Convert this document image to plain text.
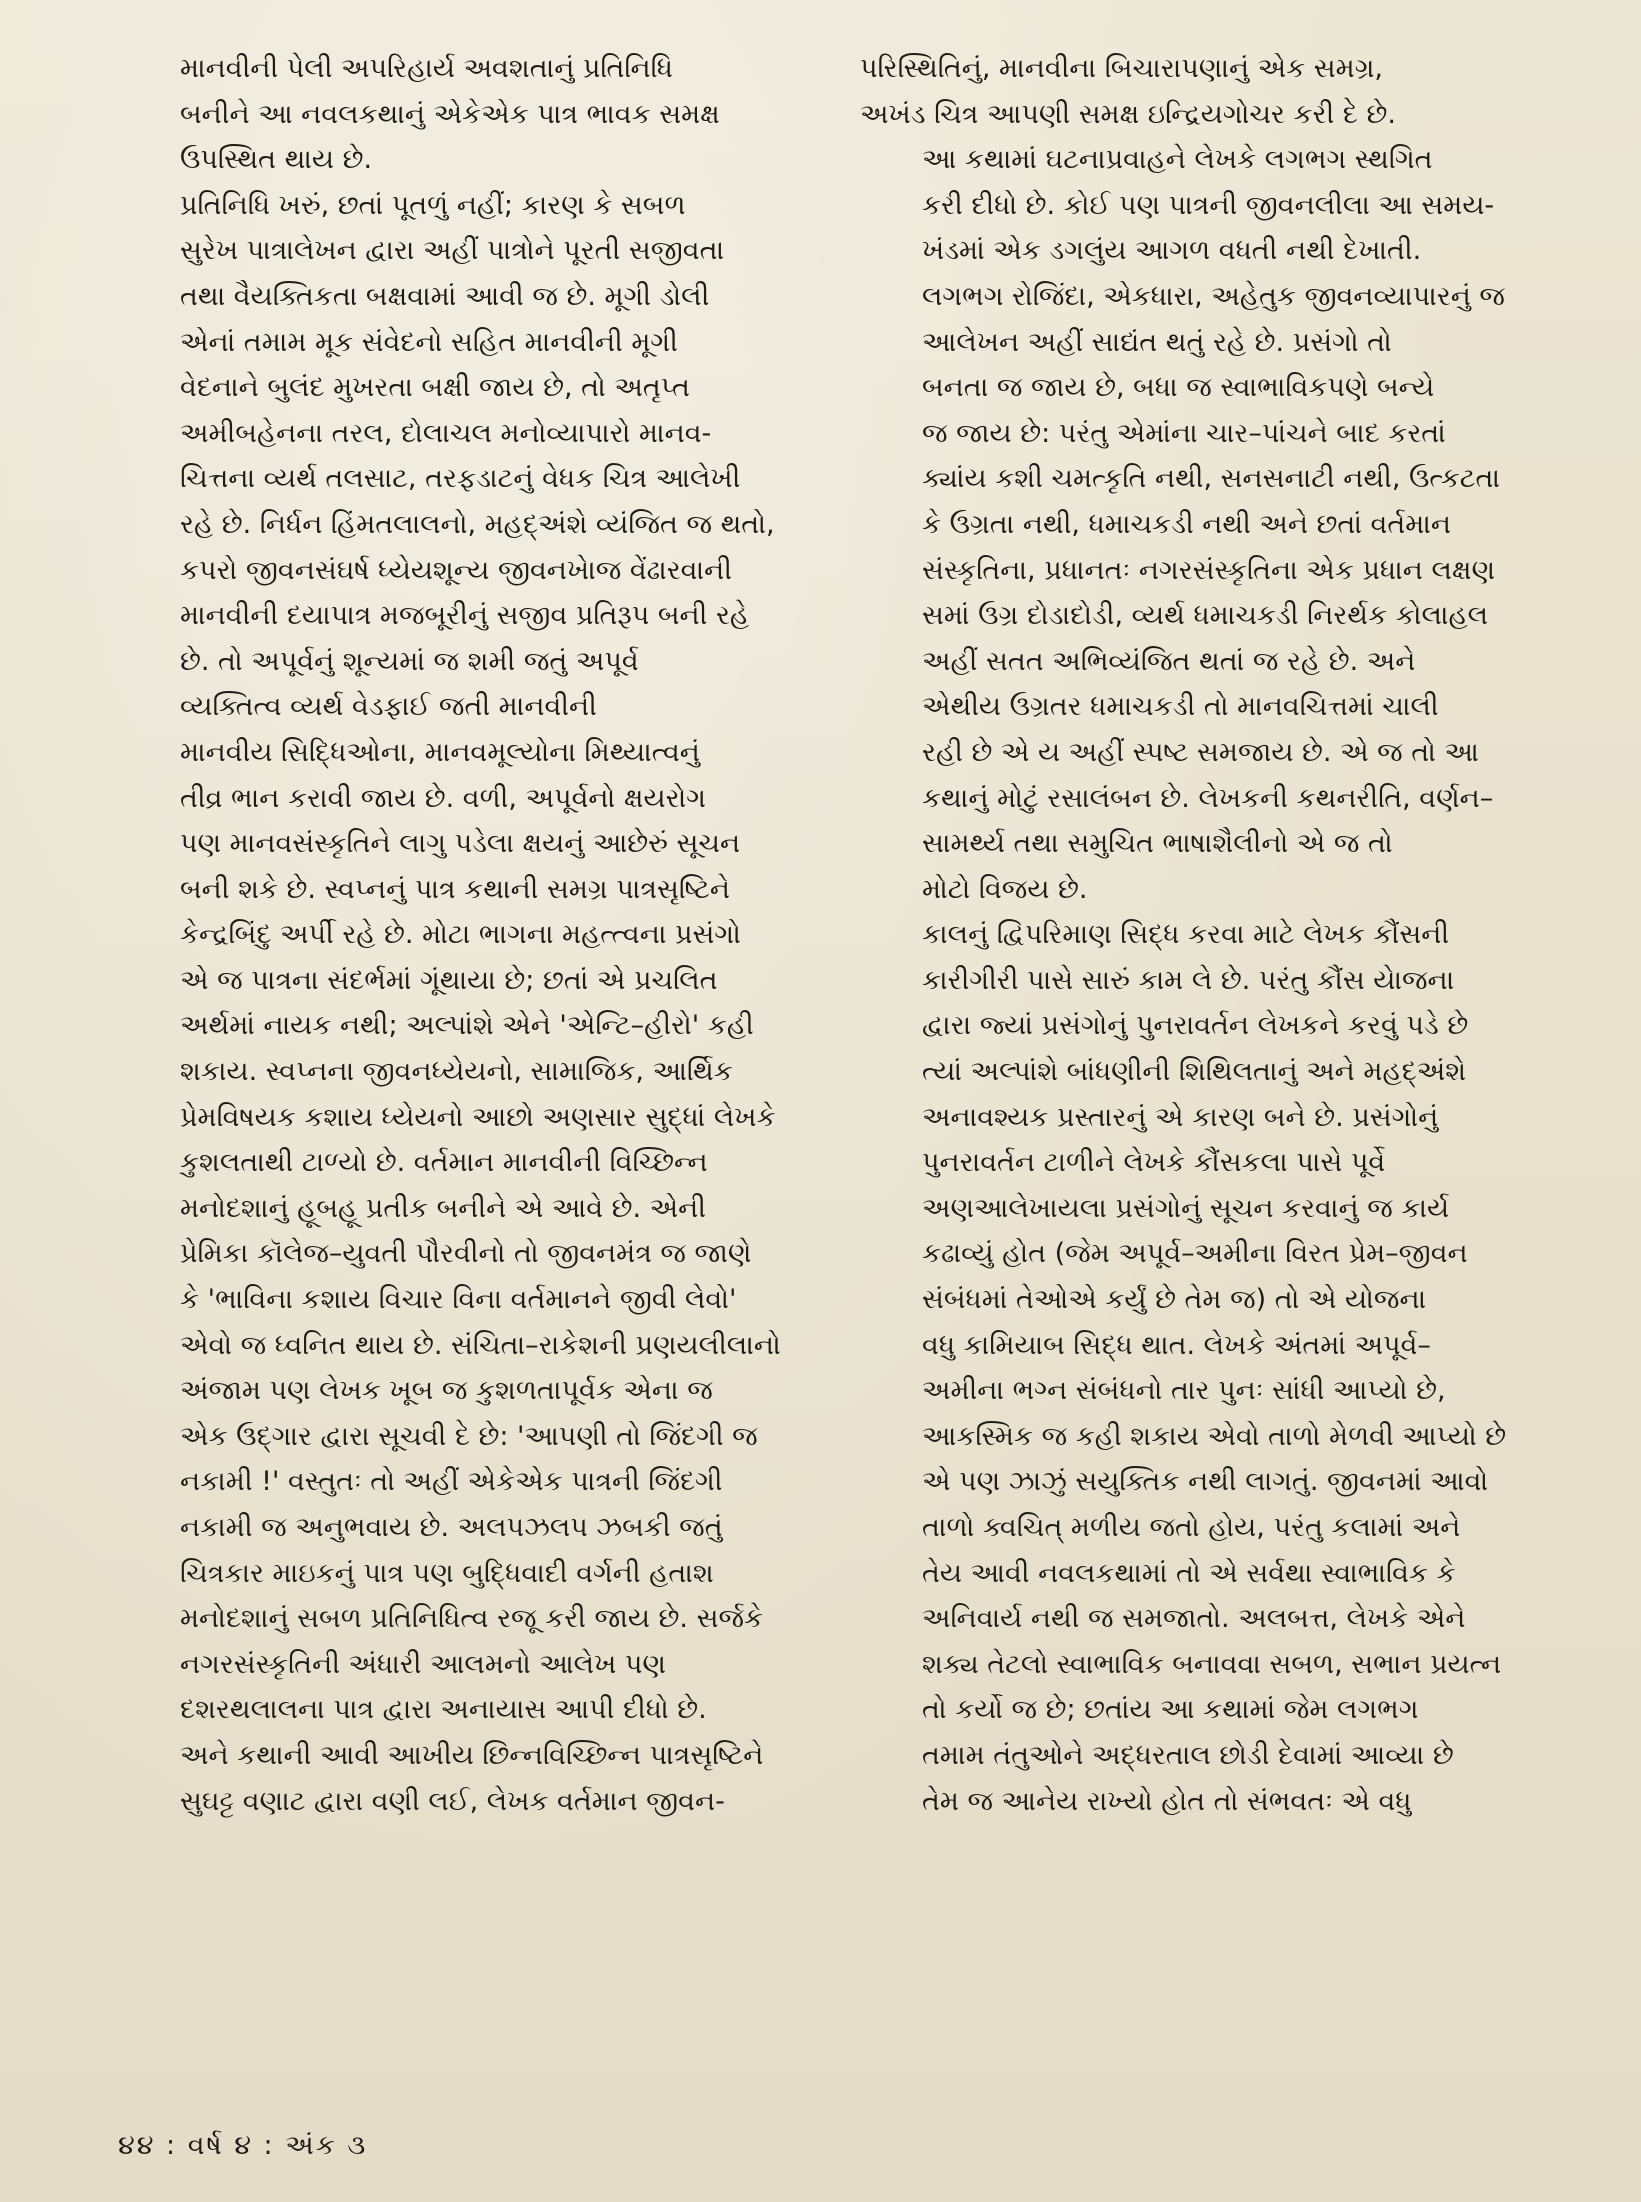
માનવીની પેલી અપરિહાર્ય અવશતાનું પ્રતિનિધિ
બનીને આ નવલકથાનું એકેએક પાત્ર ભાવક સમક્ષ
ઉપસ્થિત થાય છે.

પ્રતિનિધિ ખરું, છતાં પૂતળું નહીં; કારણ કે સબળ
સુરેખ પાત્રાલેખન દ્વારા અહીં પાત્રોને પૂરતી સજીવતા
તથા વૈયક્તિકતા બક્ષવામાં આવી જ છે. મૂગી ડોલી
એનાં તમામ મૂક સંવેદનો સહિત માનવીની મૂગી
વેદનાને બુલંદ મુખરતા બક્ષી જાય છે, તો અતૃપ્ત
અમીબહેનના તરલ, દોલાચલ મનોવ્યાપારો માનવ-
ચિત્તના વ્યર્થ તલસાટ, તરફડાટનું વેધક ચિત્ર આલેખી
રહે છે. નિર્ધન હિંમતલાલનો, મહદ્અંશે વ્યંજિત જ થતો,
કપરો જીવનસંઘર્ષ ધ્યેયશૂન્ય જીવનખેાજ વેંઢારવાની
માનવીની દયાપાત્ર મજબૂરીનું સજીવ પ્રતિરૂપ બની રહે
છે. તો અપૂર્વનું શૂન્યમાં જ શમી જતું અપૂર્વ
વ્યક્તિત્વ વ્યર્થ વેડફાઈ જતી માનવીની
માનવીય સિદ્ધિઓના, માનવમૂલ્યોના મિથ્યાત્વનું
તીવ્ર ભાન કરાવી જાય છે. વળી, અપૂર્વનો ક્ષયરોગ
પણ માનવસંસ્કૃતિને લાગુ પડેલા ક્ષયનું આછેરું સૂચન
બની શકે છે. સ્વપ્નનું પાત્ર કથાની સમગ્ર પાત્રસૃષ્ટિને
કેન્દ્રબિંદુ અર્પી રહે છે. મોટા ભાગના મહત્ત્વના પ્રસંગો
એ જ પાત્રના સંદર્ભમાં ગૂંથાયા છે; છતાં એ પ્રચલિત
અર્થમાં નાયક નથી; અલ્પાંશે એને 'એન્ટિ–હીરો' કહી
શકાય. સ્વપ્નના જીવનધ્યેયનો, સામાજિક, આર્થિક
પ્રેમવિષયક કશાય ધ્યેયનો આછો અણસાર સુદ્ધાં લેખકે
કુશલતાથી ટાળ્યો છે. વર્તમાન માનવીની વિચ્છિન્ન
મનોદશાનું હૂબહૂ પ્રતીક બનીને એ આવે છે. એની
પ્રેમિકા કૉલેજ–યુવતી પૌરવીનો તો જીવનમંત્ર જ જાણે
કે 'ભાવિના કશાય વિચાર વિના વર્તમાનને જીવી લેવો'
એવો જ ધ્વનિત થાય છે. સંચિતા–રાકેશની પ્રણયલીલાનો
અંજામ પણ લેખક ખૂબ જ કુશળતાપૂર્વક એના જ
એક ઉદ્ગાર દ્વારા સૂચવી દે છે: 'આપણી તો જિંદગી જ
નકામી !' વસ્તુતઃ તો અહીં એકેએક પાત્રની જિંદગી
નકામી જ અનુભવાય છે. અલપઝલપ ઝબકી જતું
ચિત્રકાર માઇકનું પાત્ર પણ બુદ્ધિવાદી વર્ગની હતાશ
મનોદશાનું સબળ પ્રતિનિધિત્વ રજૂ કરી જાય છે. સર્જકે
નગરસંસ્કૃતિની અંધારી આલમનો આલેખ પણ
દશરથલાલના પાત્ર દ્વારા અનાયાસ આપી દીધો છે.
અને કથાની આવી આખીય છિન્નવિચ્છિન્ન પાત્રસૃષ્ટિને
સુઘટ્ટ વણાટ દ્વારા વણી લઈ, લેખક વર્તમાન જીવન-

પરિસ્થિતિનું, માનવીના બિચારાપણાનું એક સમગ્ર,
અખંડ ચિત્ર આપણી સમક્ષ ઇન્દ્રિયગોચર કરી દે છે.

આ કથામાં ઘટનાપ્રવાહને લેખકે લગભગ સ્થગિત
કરી દીધો છે. કોઈ પણ પાત્રની જીવનલીલા આ સમય-
ખંડમાં એક ડગલુંય આગળ વધતી નથી દેખાતી.
લગભગ રોજિંદા, એકધારા, અહેતુક જીવનવ્યાપારનું જ
આલેખન અહીં સાદ્યંત થતું રહે છે. પ્રસંગો તો
બનતા જ જાય છે, બધા જ સ્વાભાવિકપણે બન્યે
જ જાય છે: પરંતુ એમાંના ચાર–પાંચને બાદ કરતાં
ક્યાંય કશી ચમત્કૃતિ નથી, સનસનાટી નથી, ઉત્કટતા
કે ઉગ્રતા નથી, ધમાચકડી નથી અને છતાં વર્તમાન
સંસ્કૃતિના, પ્રધાનતઃ નગરસંસ્કૃતિના એક પ્રધાન લક્ષણ
સમાં ઉગ્ર દોડાદોડી, વ્યર્થ ધમાચકડી નિરર્થક કોલાહલ
અહીં સતત અભિવ્યંજિત થતાં જ રહે છે. અને
એથીય ઉગ્રતર ધમાચકડી તો માનવચિત્તમાં ચાલી
રહી છે એ ય અહીં સ્પષ્ટ સમજાય છે. એ જ તો આ
કથાનું મોટું રસાલંબન છે. લેખકની કથનરીતિ, વર્ણન–
સામર્થ્ય તથા સમુચિત ભાષાશૈલીનો એ જ તો
મોટો વિજય છે.

કાલનું દ્વિપરિમાણ સિદ્ધ કરવા માટે લેખક કૌંસની
કારીગીરી પાસે સારું કામ લે છે. પરંતુ કૌંસ યેાજના
દ્વારા જ્યાં પ્રસંગોનું પુનરાવર્તન લેખકને કરવું પડે છે
ત્યાં અલ્પાંશે બાંધણીની શિથિલતાનું અને મહદ્અંશે
અનાવશ્યક પ્રસ્તારનું એ કારણ બને છે. પ્રસંગોનું
પુનરાવર્તન ટાળીને લેખકે કૌંસકલા પાસે પૂર્વે
અણઆલેખાયલા પ્રસંગોનું સૂચન કરવાનું જ કાર્ય
કઢાવ્યું હોત (જેમ અપૂર્વ–અમીના વિરત પ્રેમ–જીવન
સંબંધમાં તેઓએ કર્યું છે તેમ જ) તો એ યોજના
વધુ કામિયાબ સિદ્ધ થાત. લેખકે અંતમાં અપૂર્વ–
અમીના ભગ્ન સંબંધનો તાર પુનઃ સાંધી આપ્યો છે,
આકસ્મિક જ કહી શકાય એવો તાળો મેળવી આપ્યો છે
એ પણ ઝાઝું સયુક્તિક નથી લાગતું. જીવનમાં આવો
તાળો ક્વચિત્ મળીય જતો હોય, પરંતુ કલામાં અને
તેય આવી નવલકથામાં તો એ સર્વથા સ્વાભાવિક કે
અનિવાર્ય નથી જ સમજાતો. અલબત્ત, લેખકે એને
શક્ય તેટલો સ્વાભાવિક બનાવવા સબળ, સભાન પ્રયત્ન
તો કર્યો જ છે; છતાંય આ કથામાં જેમ લગભગ
તમામ તંતુઓને અદ્ધરતાલ છોડી દેવામાં આવ્યા છે
તેમ જ આનેય રાખ્યો હોત તો સંભવતઃ એ વધુ

૪૪ : વર્ષ ૪ : અંક ૩
